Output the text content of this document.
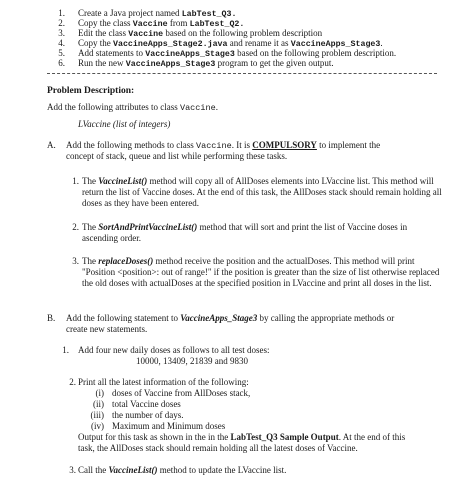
1. Create a Java project named LabTest_Q3.
2. Copy the class Vaccine from LabTest_Q2.
3. Edit the class Vaccine based on the following problem description
4. Copy the VaccineApps_Stage2.java and rename it as VaccineApps_Stage3.
5. Add statements to VaccineApps_Stage3 based on the following problem description.
6. Run the new VaccineApps_Stage3 program to get the given output.
Problem Description:
Add the following attributes to class Vaccine.
LVaccine (list of integers)
A. Add the following methods to class Vaccine. It is COMPULSORY to implement the
concept of stack, queue and list while performing these tasks.
1. The VaccineList() method will copy all of AllDoses elements into LVaccine list. This method will return the list of Vaccine doses. At the end of this task, the AllDoses stack should remain holding all doses as they have been entered.
2. The SortAndPrintVaccineList() method that will sort and print the list of Vaccine doses in ascending order.
3. The replaceDoses() method receive the position and the actualDoses. This method will print "Position <position>: out of range!" if the position is greater than the size of list otherwise replaced the old doses with actualDoses at the specified position in LVaccine and print all doses in the list.
B. Add the following statement to VaccineApps_Stage3 by calling the appropriate methods or
create new statements.
1. Add four new daily doses as follows to all test doses:
10000, 13409, 21839 and 9830
2. Print all the latest information of the following:
(i) doses of Vaccine from AllDoses stack,
(ii) total Vaccine doses
(iii) the number of days.
(iv) Maximum and Minimum doses
Output for this task as shown in the in the LabTest_Q3 Sample Output. At the end of this
task, the AllDoses stack should remain holding all the latest doses of Vaccine.
3. Call the VaccineList() method to update the LVaccine list.
